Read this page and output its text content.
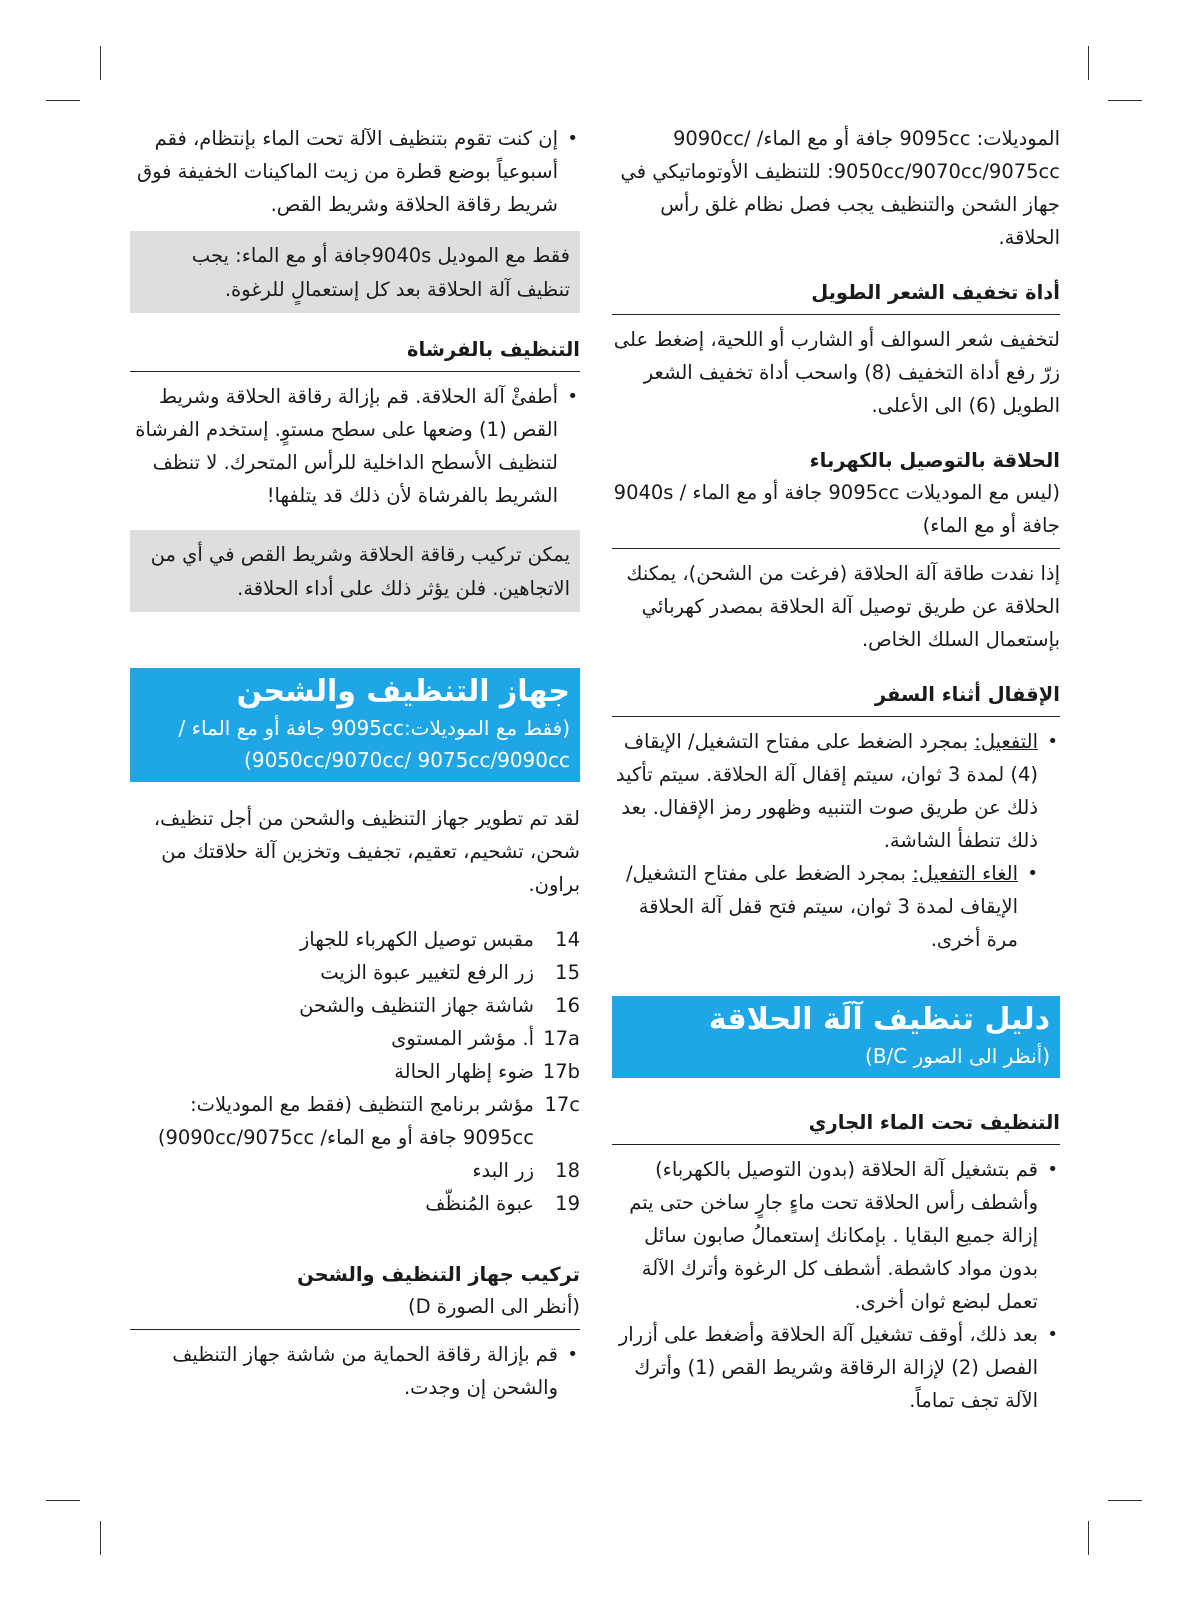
الموديلات: 9095cc جافة أو مع الماء/ /9090cc 9050cc/9070cc/9075cc: للتنظيف الأوتوماتيكي في جهاز الشحن والتنظيف يجب فصل نظام غلق رأس الحلاقة.

أداة تخفيف الشعر الطويل

لتخفيف شعر السوالف أو الشارب أو اللحية، إضغط على زرّ رفع أداة التخفيف (8) واسحب أداة تخفيف الشعر الطويل (6) الى الأعلى.

الحلاقة بالتوصيل بالكهرباء

(ليس مع الموديلات 9095cc جافة أو مع الماء / 9040s جافة أو مع الماء)

إذا نفدت طاقة آلة الحلاقة (فرغت من الشحن)، يمكنك الحلاقة عن طريق توصيل آلة الحلاقة بمصدر كهربائي بإستعمال السلك الخاص.

الإقفال أثناء السفر
• التفعيل: بمجرد الضغط على مفتاح التشغيل/ الإيقاف (4) لمدة 3 ثوان، سيتم إقفال آلة الحلاقة. سيتم تأكيد ذلك عن طريق صوت التنبيه وظهور رمز الإقفال. بعد ذلك تنطفأ الشاشة.
• الغاء التفعيل: بمجرد الضغط على مفتاح التشغيل/ الإيقاف لمدة 3 ثوان، سيتم فتح قفل آلة الحلاقة مرة أخرى.
دليل تنظيف آلَة الحلاقة
(أنظر الى الصور B/C)
التنظيف تحت الماء الجاري
• قم بتشغيل آلة الحلاقة (بدون التوصيل بالكهرباء) وأشطف رأس الحلاقة تحت ماءٍ جارٍ ساخن حتى يتم إزالة جميع البقايا . بإمكانك إستعمالُ صابون سائل بدون مواد كاشطة. أشطف كل الرغوة وأترك الآلة تعمل لبضع ثوان أخرى.
• بعد ذلك، أوقف تشغيل آلة الحلاقة وأضغط على أزرار الفصل (2) لإزالة الرقاقة وشريط القص (1) وأترك الآلة تجف تماماً.
• إن كنت تقوم بتنظيف الآلة تحت الماء بإنتظام، فقم أسبوعياً بوضع قطرة من زيت الماكينات الخفيفة فوق شريط رقاقة الحلاقة وشريط القص.
فقط مع الموديل 9040sجافة أو مع الماء: يجب تنظيف آلة الحلاقة بعد كل إستعمالٍ للرغوة.
التنظيف بالفرشاة
• أطفئْ آلة الحلاقة. قم بإزالة رقاقة الحلاقة وشريط القص (1) وضعها على سطح مستوٍ. إستخدم الفرشاة لتنظيف الأسطح الداخلية للرأس المتحرك. لا تنظف الشريط بالفرشاة لأن ذلك قد يتلفها!
يمكن تركيب رقاقة الحلاقة وشريط القص في أي من الاتجاهين. فلن يؤثر ذلك على أداء الحلاقة.
جهاز التنظيف والشحن
(فقط مع الموديلات:9095cc جافة أو مع الماء / 9050cc/9070cc/ 9075cc/9090cc)

لقد تم تطوير جهاز التنظيف والشحن من أجل تنظيف، شحن، تشحيم، تعقيم، تجفيف وتخزين آلة حلاقتك من براون.

14
مقبس توصيل الكهرباء للجهاز
15
زر الرفع لتغيير عبوة الزيت
16
شاشة جهاز التنظيف والشحن
17a
أ. مؤشر المستوى
17b
ضوء إظهار الحالة
17c
مؤشر برنامج التنظيف (فقط مع الموديلات: 9095cc جافة أو مع الماء/ 9090cc/9075cc)
18
زر البدء
19
عبوة المُنظّف
تركيب جهاز التنظيف والشحن

(أنظر الى الصورة D)

• قم بإزالة رقاقة الحماية من شاشة جهاز التنظيف والشحن إن وجدت.
